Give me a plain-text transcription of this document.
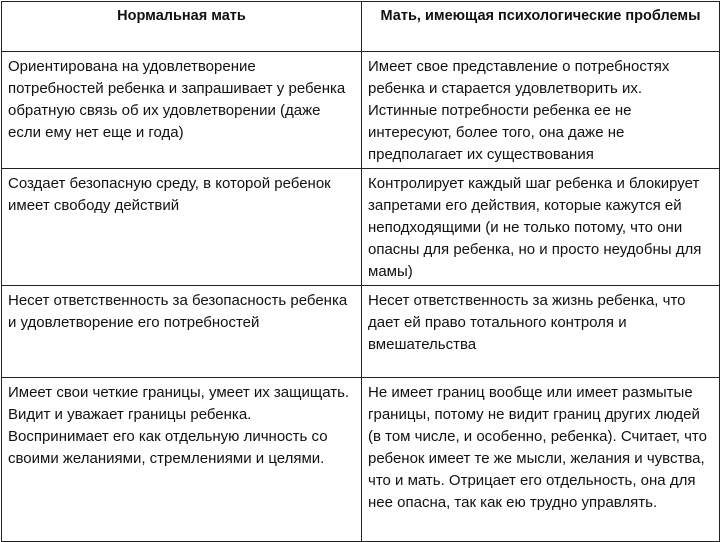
Нормальная мать	Мать, имеющая психологические проблемы
Ориентирована на удовлетворение потребностей ребенка и запрашивает у ребенка обратную связь об их удовлетворении (даже если ему нет еще и года)	Имеет свое представление о потребностях ребенка и старается удовлетворить их. Истинные потребности ребенка ее не интересуют, более того, она даже не предполагает их существования
Создает безопасную среду, в которой ребенок имеет свободу действий	Контролирует каждый шаг ребенка и блокирует запретами его действия, которые кажутся ей неподходящими (и не только потому, что они опасны для ребенка, но и просто неудобны для мамы)
Несет ответственность за безопасность ребенка и удовлетворение его потребностей	Несет ответственность за жизнь ребенка, что дает ей право тотального контроля и вмешательства
Имеет свои четкие границы, умеет их защищать. Видит и уважает границы ребенка. Воспринимает его как отдельную личность со своими желаниями, стремлениями и целями.	Не имеет границ вообще или имеет размытые границы, потому не видит границ других людей (в том числе, и особенно, ребенка). Считает, что ребенок имеет те же мысли, желания и чувства, что и мать. Отрицает его отдельность, она для нее опасна, так как ею трудно управлять.
